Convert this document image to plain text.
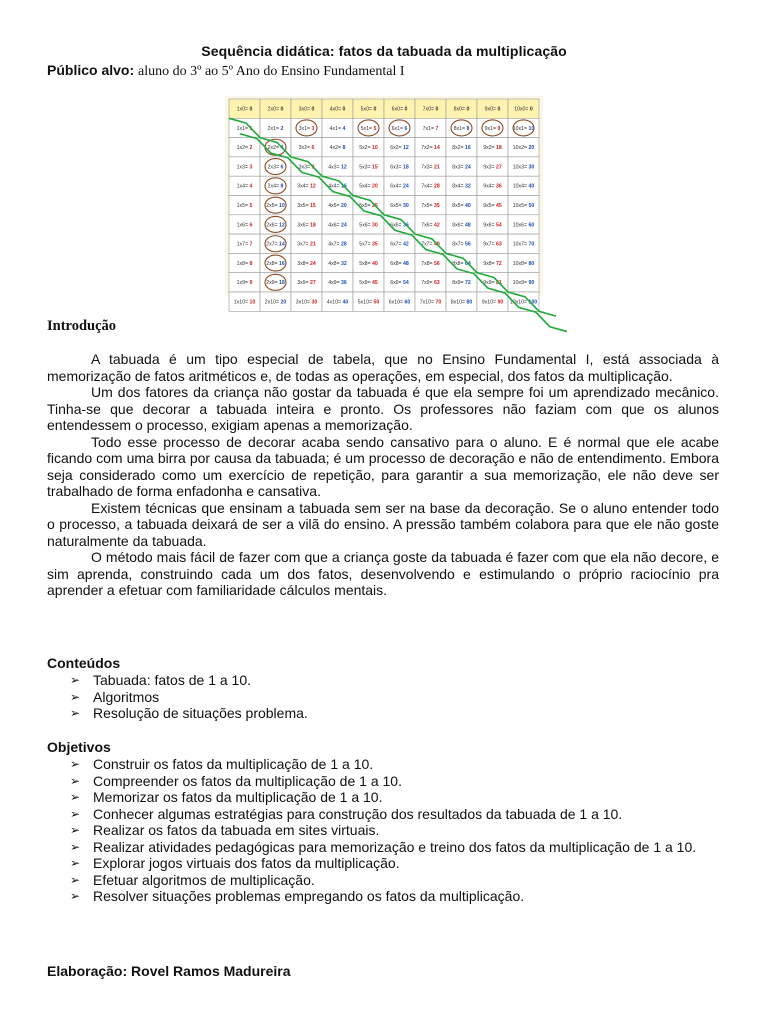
Sequência didática: fatos da tabuada da multiplicação
Público alvo: aluno do 3º ao 5º Ano do Ensino Fundamental I
1x0= 0	2x0= 0	3x0= 0	4x0= 0	5x0= 0	6x0= 0	7x0= 0	8x0= 0	9x0= 0	10x0= 0
1x1= 1	2x1= 2	3x1= 3	4x1= 4	5x1= 5	6x1= 6	7x1= 7	8x1= 8	9x1= 9 10x1= 10
1x2= 2	2x2= 4	3x2= 6	4x2= 8	5x2= 10 6x2= 12 7x2= 14 8x2= 16 9x2= 18 10x2= 20
1x3= 3	2x3= 6	3x3= 9	4x3= 12 5x3= 15 6x3= 18 7x3= 21 8x3= 24 9x3= 27 10x3= 30
1x4= 4	2x4= 8	3x4= 12 4x4= 16 5x4= 20 6x4= 24 7x4= 28 8x4= 32 9x4= 36 10x4= 40
1x5= 5	2x5= 10 3x5= 15 4x5= 20 5x5= 25 6x5= 30 7x5= 35 8x5= 40 9x5= 45 10x5= 50
1x6= 6	2x6= 12 3x6= 18 4x6= 24 5x6= 30 6x6= 36 7x6= 42 8x6= 48 9x6= 54 10x6= 60
1x7= 7	2x7= 14 3x7= 21 4x7= 28 5x7= 35 6x7= 42 7x7= 49 8x7= 56 9x7= 63 10x7= 70
1x8= 8	2x8= 16 3x8= 24 4x8= 32 5x8= 40 6x8= 48 7x8= 56 8x8= 64 9x8= 72 10x8= 80
1x9= 9	2x9= 18 3x9= 27 4x9= 36 5x9= 45 6x9= 54 7x9= 63 8x9= 72 9x9= 81 10x9= 90
1x10= 10 2x10= 20 3x10= 30 4x10= 40 5x10= 50 6x10= 60 7x10= 70 8x10= 80 9x10= 90 10x10= 100
Introdução

A tabuada é um tipo especial de tabela, que no Ensino Fundamental I, está associada à memorização de fatos aritméticos e, de todas as operações, em especial, dos fatos da multiplicação.

Um dos fatores da criança não gostar da tabuada é que ela sempre foi um aprendizado mecânico. Tinha-se que decorar a tabuada inteira e pronto. Os professores não faziam com que os alunos entendessem o processo, exigiam apenas a memorização.

Todo esse processo de decorar acaba sendo cansativo para o aluno. E é normal que ele acabe ficando com uma birra por causa da tabuada; é um processo de decoração e não de entendimento. Embora seja considerado como um exercício de repetição, para garantir a sua memorização, ele não deve ser trabalhado de forma enfadonha e cansativa.

Existem técnicas que ensinam a tabuada sem ser na base da decoração. Se o aluno entender todo o processo, a tabuada deixará de ser a vilã do ensino. A pressão também colabora para que ele não goste naturalmente da tabuada.

O método mais fácil de fazer com que a criança goste da tabuada é fazer com que ela não decore, e sim aprenda, construindo cada um dos fatos, desenvolvendo e estimulando o próprio raciocínio pra aprender a efetuar com familiaridade cálculos mentais.

Conteúdos
➢ Tabuada: fatos de 1 a 10.
➢ Algoritmos
➢ Resolução de situações problema.
Objetivos
➢ Construir os fatos da multiplicação de 1 a 10.
➢ Compreender os fatos da multiplicação de 1 a 10.
➢ Memorizar os fatos da multiplicação de 1 a 10.
➢ Conhecer algumas estratégias para construção dos resultados da tabuada de 1 a 10.
➢ Realizar os fatos da tabuada em sites virtuais.
➢ Realizar atividades pedagógicas para memorização e treino dos fatos da multiplicação de 1 a 10.
➢ Explorar jogos virtuais dos fatos da multiplicação.
➢ Efetuar algoritmos de multiplicação.
➢ Resolver situações problemas empregando os fatos da multiplicação.
Elaboração: Rovel Ramos Madureira
